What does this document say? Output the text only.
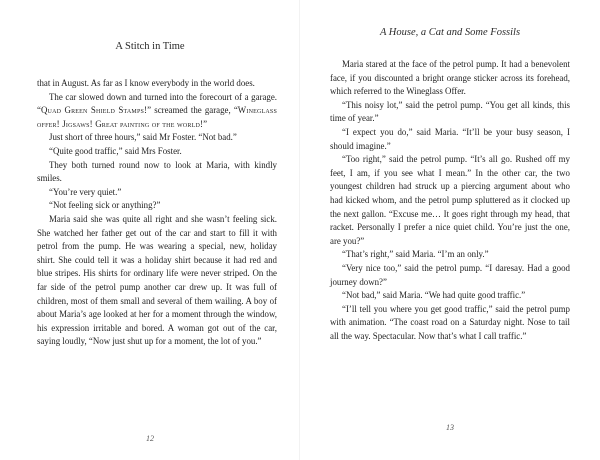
A Stitch in Time

that in August. As far as I know everybody in the world does.

The car slowed down and turned into the forecourt of a garage. “Quad Green Shield Stamps!” screamed the garage, “Wineglass offer! Jigsaws! Great painting of the world!”

Just short of three hours,” said Mr Foster. “Not bad.”

“Quite good traffic,” said Mrs Foster.

They both turned round now to look at Maria, with kindly smiles.

“You’re very quiet.”

“Not feeling sick or anything?”

Maria said she was quite all right and she wasn’t feeling sick. She watched her father get out of the car and start to fill it with petrol from the pump. He was wearing a special, new, holiday shirt. She could tell it was a holiday shirt because it had red and blue stripes. His shirts for ordinary life were never striped. On the far side of the petrol pump another car drew up. It was full of children, most of them small and several of them wailing. A boy of about Maria’s age looked at her for a moment through the window, his expression irritable and bored. A woman got out of the car, saying loudly, “Now just shut up for a moment, the lot of you.”

12
A House, a Cat and Some Fossils

Maria stared at the face of the petrol pump. It had a benevolent face, if you discounted a bright orange sticker across its forehead, which referred to the Wineglass Offer.

“This noisy lot,” said the petrol pump. “You get all kinds, this time of year.”

“I expect you do,” said Maria. “It’ll be your busy season, I should imagine.”

“Too right,” said the petrol pump. “It’s all go. Rushed off my feet, I am, if you see what I mean.” In the other car, the two youngest children had struck up a piercing argument about who had kicked whom, and the petrol pump spluttered as it clocked up the next gallon. “Excuse me… It goes right through my head, that racket. Personally I prefer a nice quiet child. You’re just the one, are you?”

“That’s right,” said Maria. “I’m an only.”

“Very nice too,” said the petrol pump. “I daresay. Had a good journey down?”

“Not bad,” said Maria. “We had quite good traffic.”

“I’ll tell you where you get good traffic,” said the petrol pump with animation. “The coast road on a Saturday night. Nose to tail all the way. Spectacular. Now that’s what I call traffic.”

13
